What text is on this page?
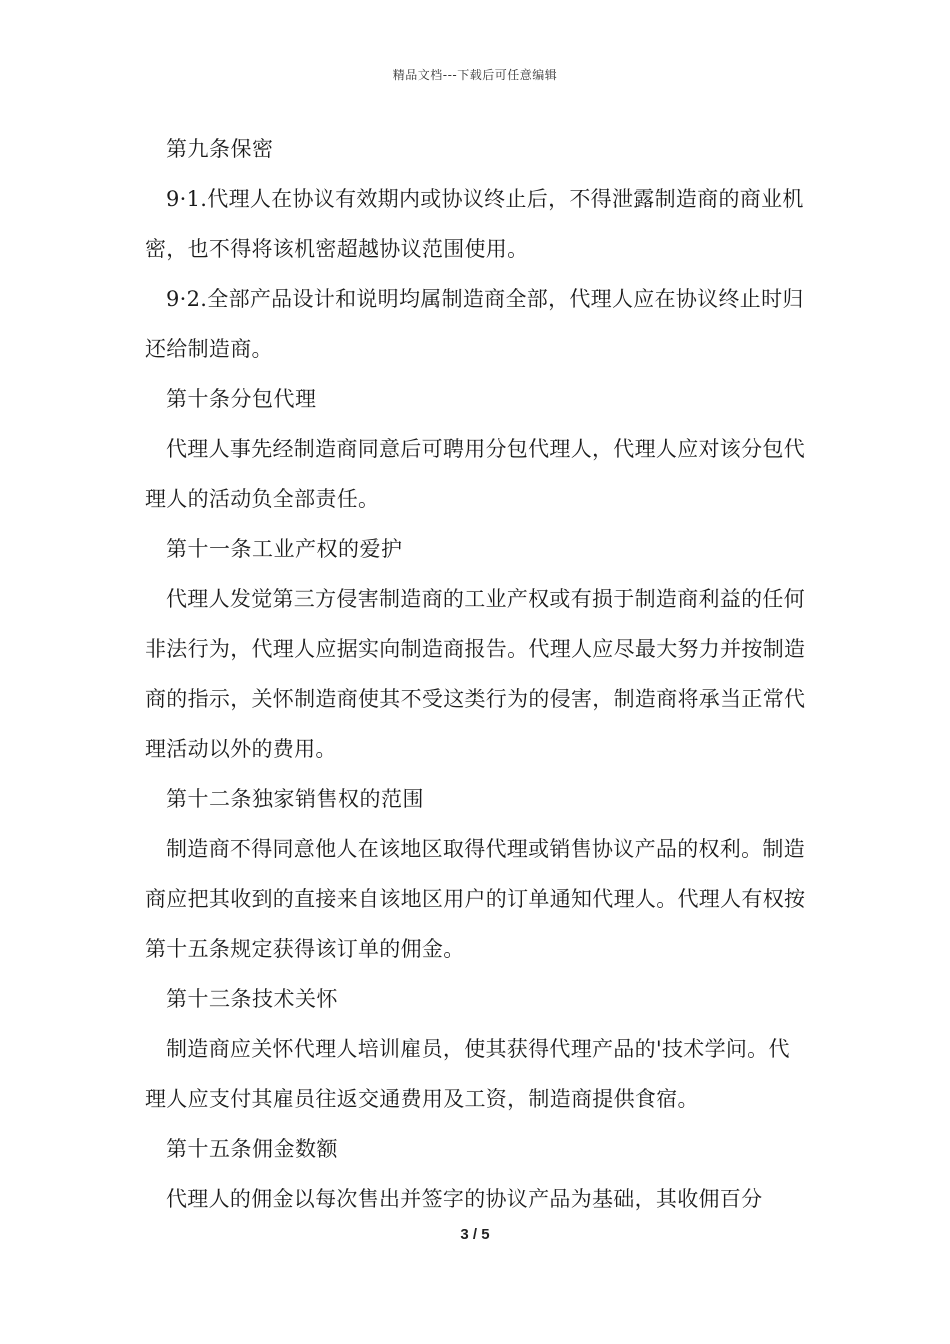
精品文档---下载后可任意编辑

第九条保密

9·1.代理人在协议有效期内或协议终止后，不得泄露制造商的商业机密，也不得将该机密超越协议范围使用。

9·2.全部产品设计和说明均属制造商全部，代理人应在协议终止时归还给制造商。

第十条分包代理

代理人事先经制造商同意后可聘用分包代理人，代理人应对该分包代理人的活动负全部责任。

第十一条工业产权的爱护

代理人发觉第三方侵害制造商的工业产权或有损于制造商利益的任何非法行为，代理人应据实向制造商报告。代理人应尽最大努力并按制造商的指示，关怀制造商使其不受这类行为的侵害，制造商将承当正常代理活动以外的费用。

第十二条独家销售权的范围

制造商不得同意他人在该地区取得代理或销售协议产品的权利。制造商应把其收到的直接来自该地区用户的订单通知代理人。代理人有权按第十五条规定获得该订单的佣金。

第十三条技术关怀

制造商应关怀代理人培训雇员，使其获得代理产品的'技术学问。代理人应支付其雇员往返交通费用及工资，制造商提供食宿。

第十五条佣金数额

代理人的佣金以每次售出并签字的协议产品为基础，其收佣百分

3 / 5
